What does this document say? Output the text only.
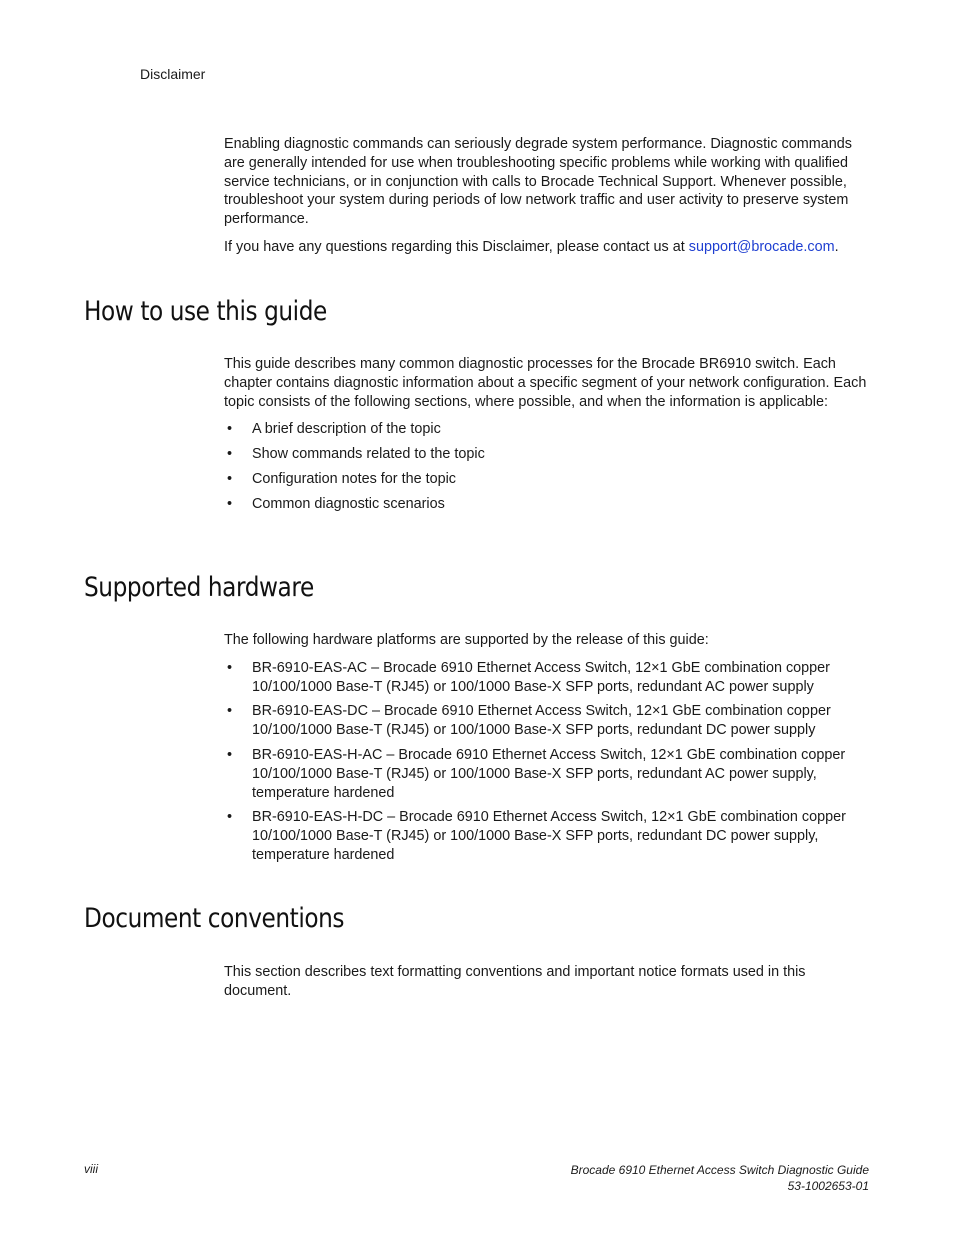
Disclaimer

Enabling diagnostic commands can seriously degrade system performance. Diagnostic commands are generally intended for use when troubleshooting specific problems while working with qualified service technicians, or in conjunction with calls to Brocade Technical Support. Whenever possible, troubleshoot your system during periods of low network traffic and user activity to preserve system performance.

If you have any questions regarding this Disclaimer, please contact us at support@brocade.com.

How to use this guide

This guide describes many common diagnostic processes for the Brocade BR6910 switch. Each chapter contains diagnostic information about a specific segment of your network configuration. Each topic consists of the following sections, where possible, and when the information is applicable:

• A brief description of the topic
• Show commands related to the topic
• Configuration notes for the topic
• Common diagnostic scenarios
Supported hardware

The following hardware platforms are supported by the release of this guide:

• BR-6910-EAS-AC – Brocade 6910 Ethernet Access Switch, 12×1 GbE combination copper 10/100/1000 Base-T (RJ45) or 100/1000 Base-X SFP ports, redundant AC power supply
• BR-6910-EAS-DC – Brocade 6910 Ethernet Access Switch, 12×1 GbE combination copper 10/100/1000 Base-T (RJ45) or 100/1000 Base-X SFP ports, redundant DC power supply
• BR-6910-EAS-H-AC – Brocade 6910 Ethernet Access Switch, 12×1 GbE combination copper 10/100/1000 Base-T (RJ45) or 100/1000 Base-X SFP ports, redundant AC power supply, temperature hardened
• BR-6910-EAS-H-DC – Brocade 6910 Ethernet Access Switch, 12×1 GbE combination copper 10/100/1000 Base-T (RJ45) or 100/1000 Base-X SFP ports, redundant DC power supply, temperature hardened
Document conventions

This section describes text formatting conventions and important notice formats used in this document.

viii	Brocade 6910 Ethernet Access Switch Diagnostic Guide
53-1002653-01
